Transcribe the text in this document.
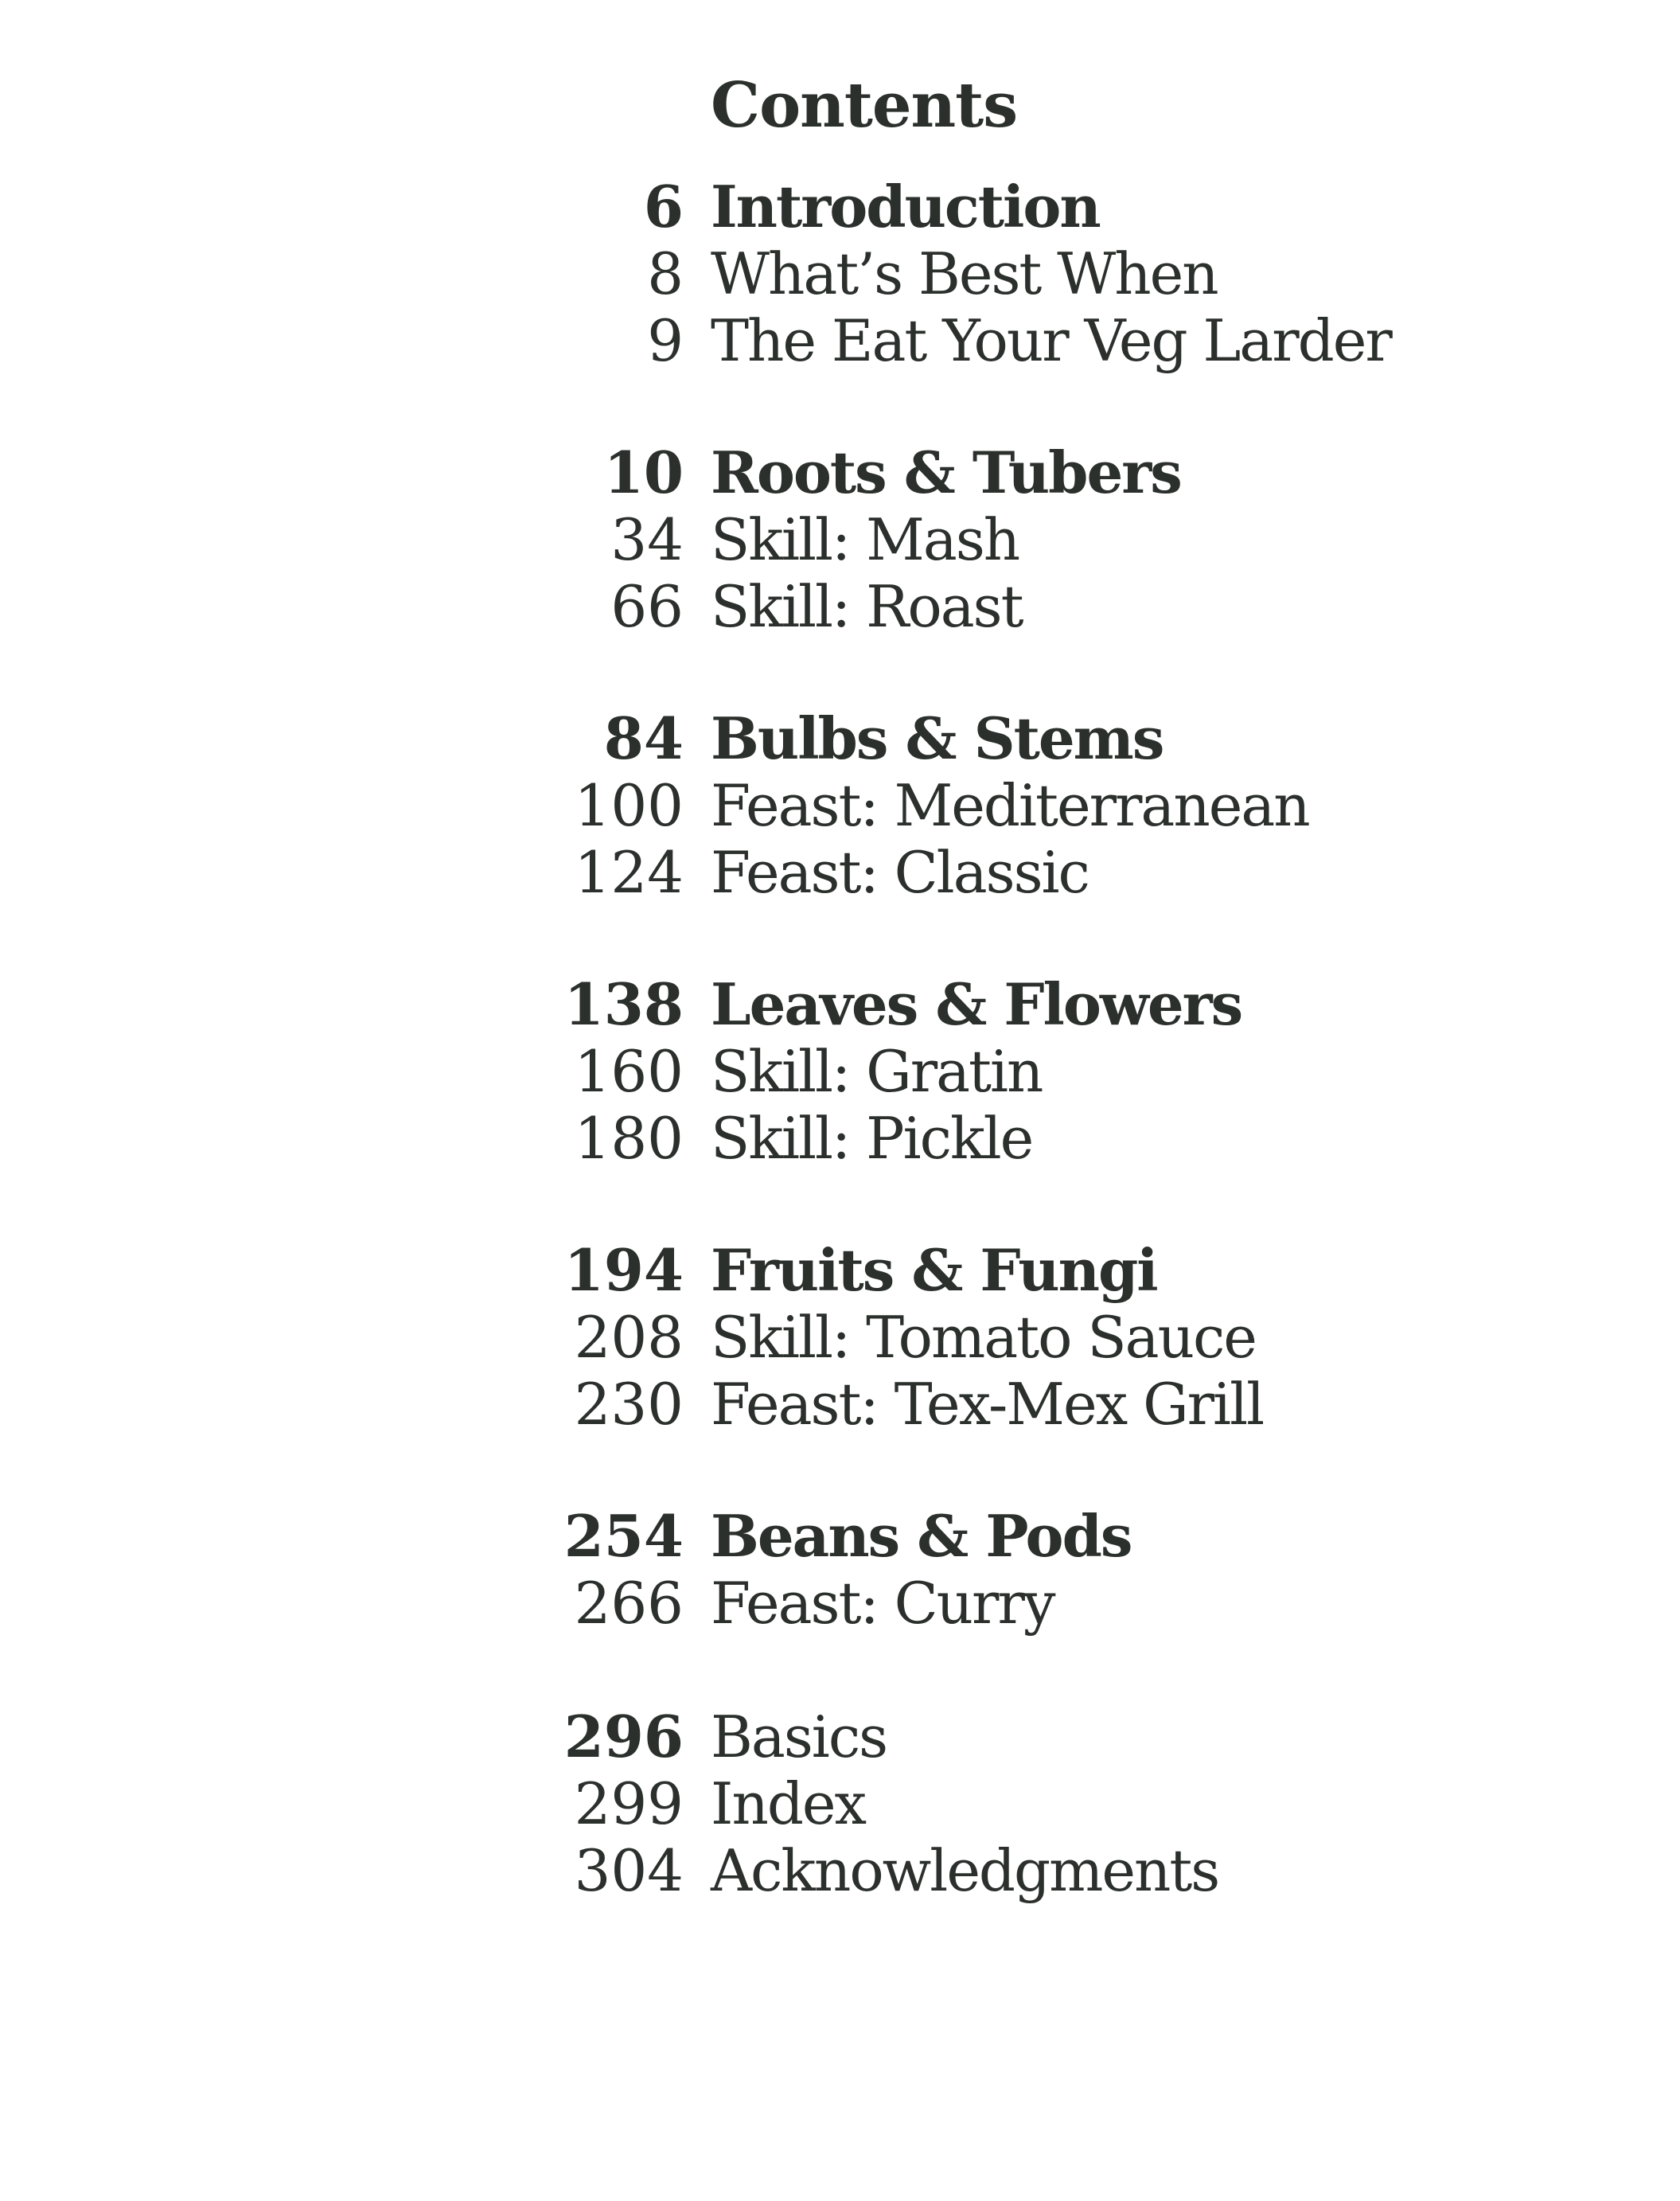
Contents
6 Introduction
8 What’s Best When
9 The Eat Your Veg Larder
10 Roots & Tubers
34 Skill: Mash
66 Skill: Roast
84 Bulbs & Stems
100 Feast: Mediterranean
124 Feast: Classic
138 Leaves & Flowers
160 Skill: Gratin
180 Skill: Pickle
194 Fruits & Fungi
208 Skill: Tomato Sauce
230 Feast: Tex-Mex Grill
254 Beans & Pods
266 Feast: Curry
296 Basics
299 Index
304 Acknowledgments
